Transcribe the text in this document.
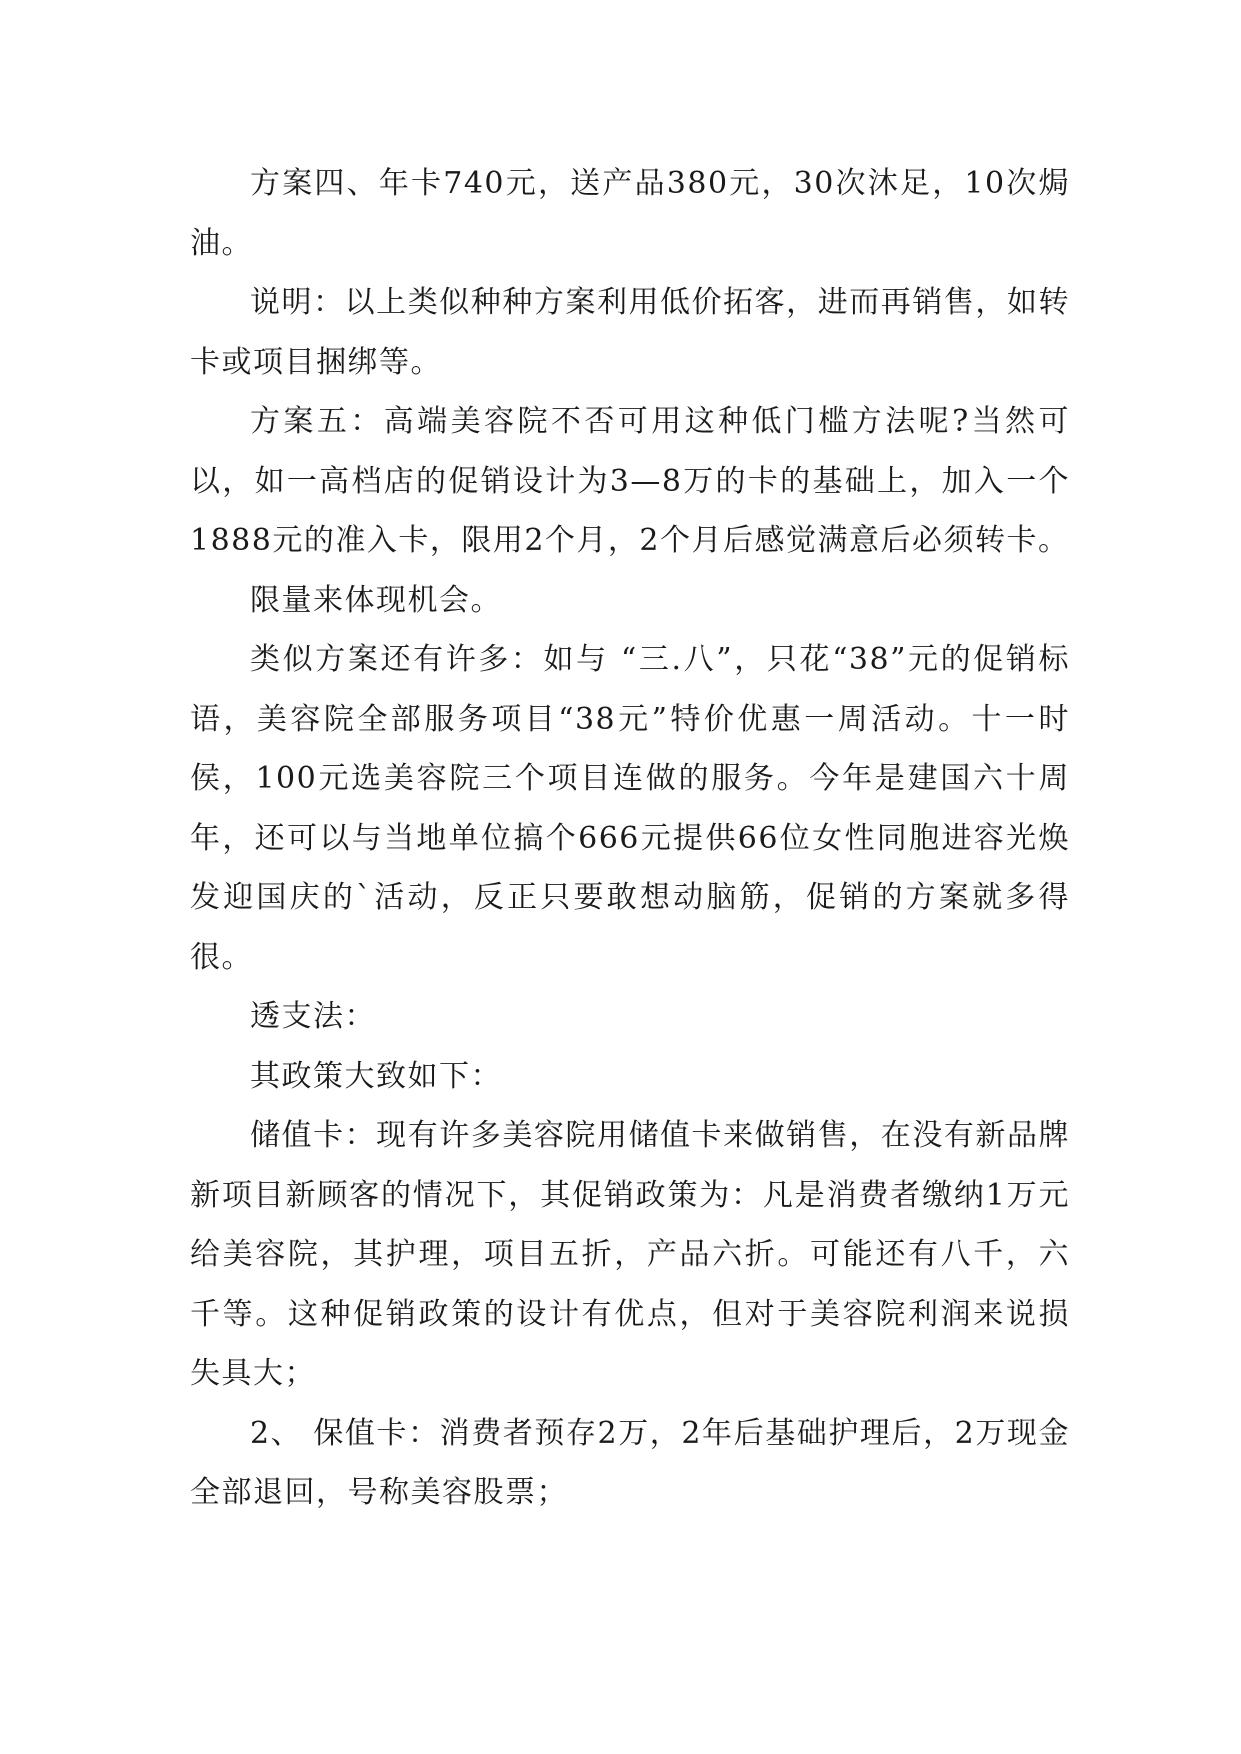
方案四、年卡740元，送产品380元，30次沐足，10次焗油。

说明：以上类似种种方案利用低价拓客，进而再销售，如转卡或项目捆绑等。

方案五：高端美容院不否可用这种低门槛方法呢?当然可以，如一高档店的促销设计为3—8万的卡的基础上，加入一个1888元的准入卡，限用2个月，2个月后感觉满意后必须转卡。

限量来体现机会。

类似方案还有许多：如与 “三.八”，只花“38”元的促销标语，美容院全部服务项目“38元”特价优惠一周活动。十一时侯，100元选美容院三个项目连做的服务。今年是建国六十周年，还可以与当地单位搞个666元提供66位女性同胞进容光焕发迎国庆的`活动，反正只要敢想动脑筋，促销的方案就多得很。

透支法：

其政策大致如下：

储值卡：现有许多美容院用储值卡来做销售，在没有新品牌新项目新顾客的情况下，其促销政策为：凡是消费者缴纳1万元给美容院，其护理，项目五折，产品六折。可能还有八千，六千等。这种促销政策的设计有优点，但对于美容院利润来说损失具大；

2、 保值卡：消费者预存2万，2年后基础护理后，2万现金全部退回，号称美容股票；
